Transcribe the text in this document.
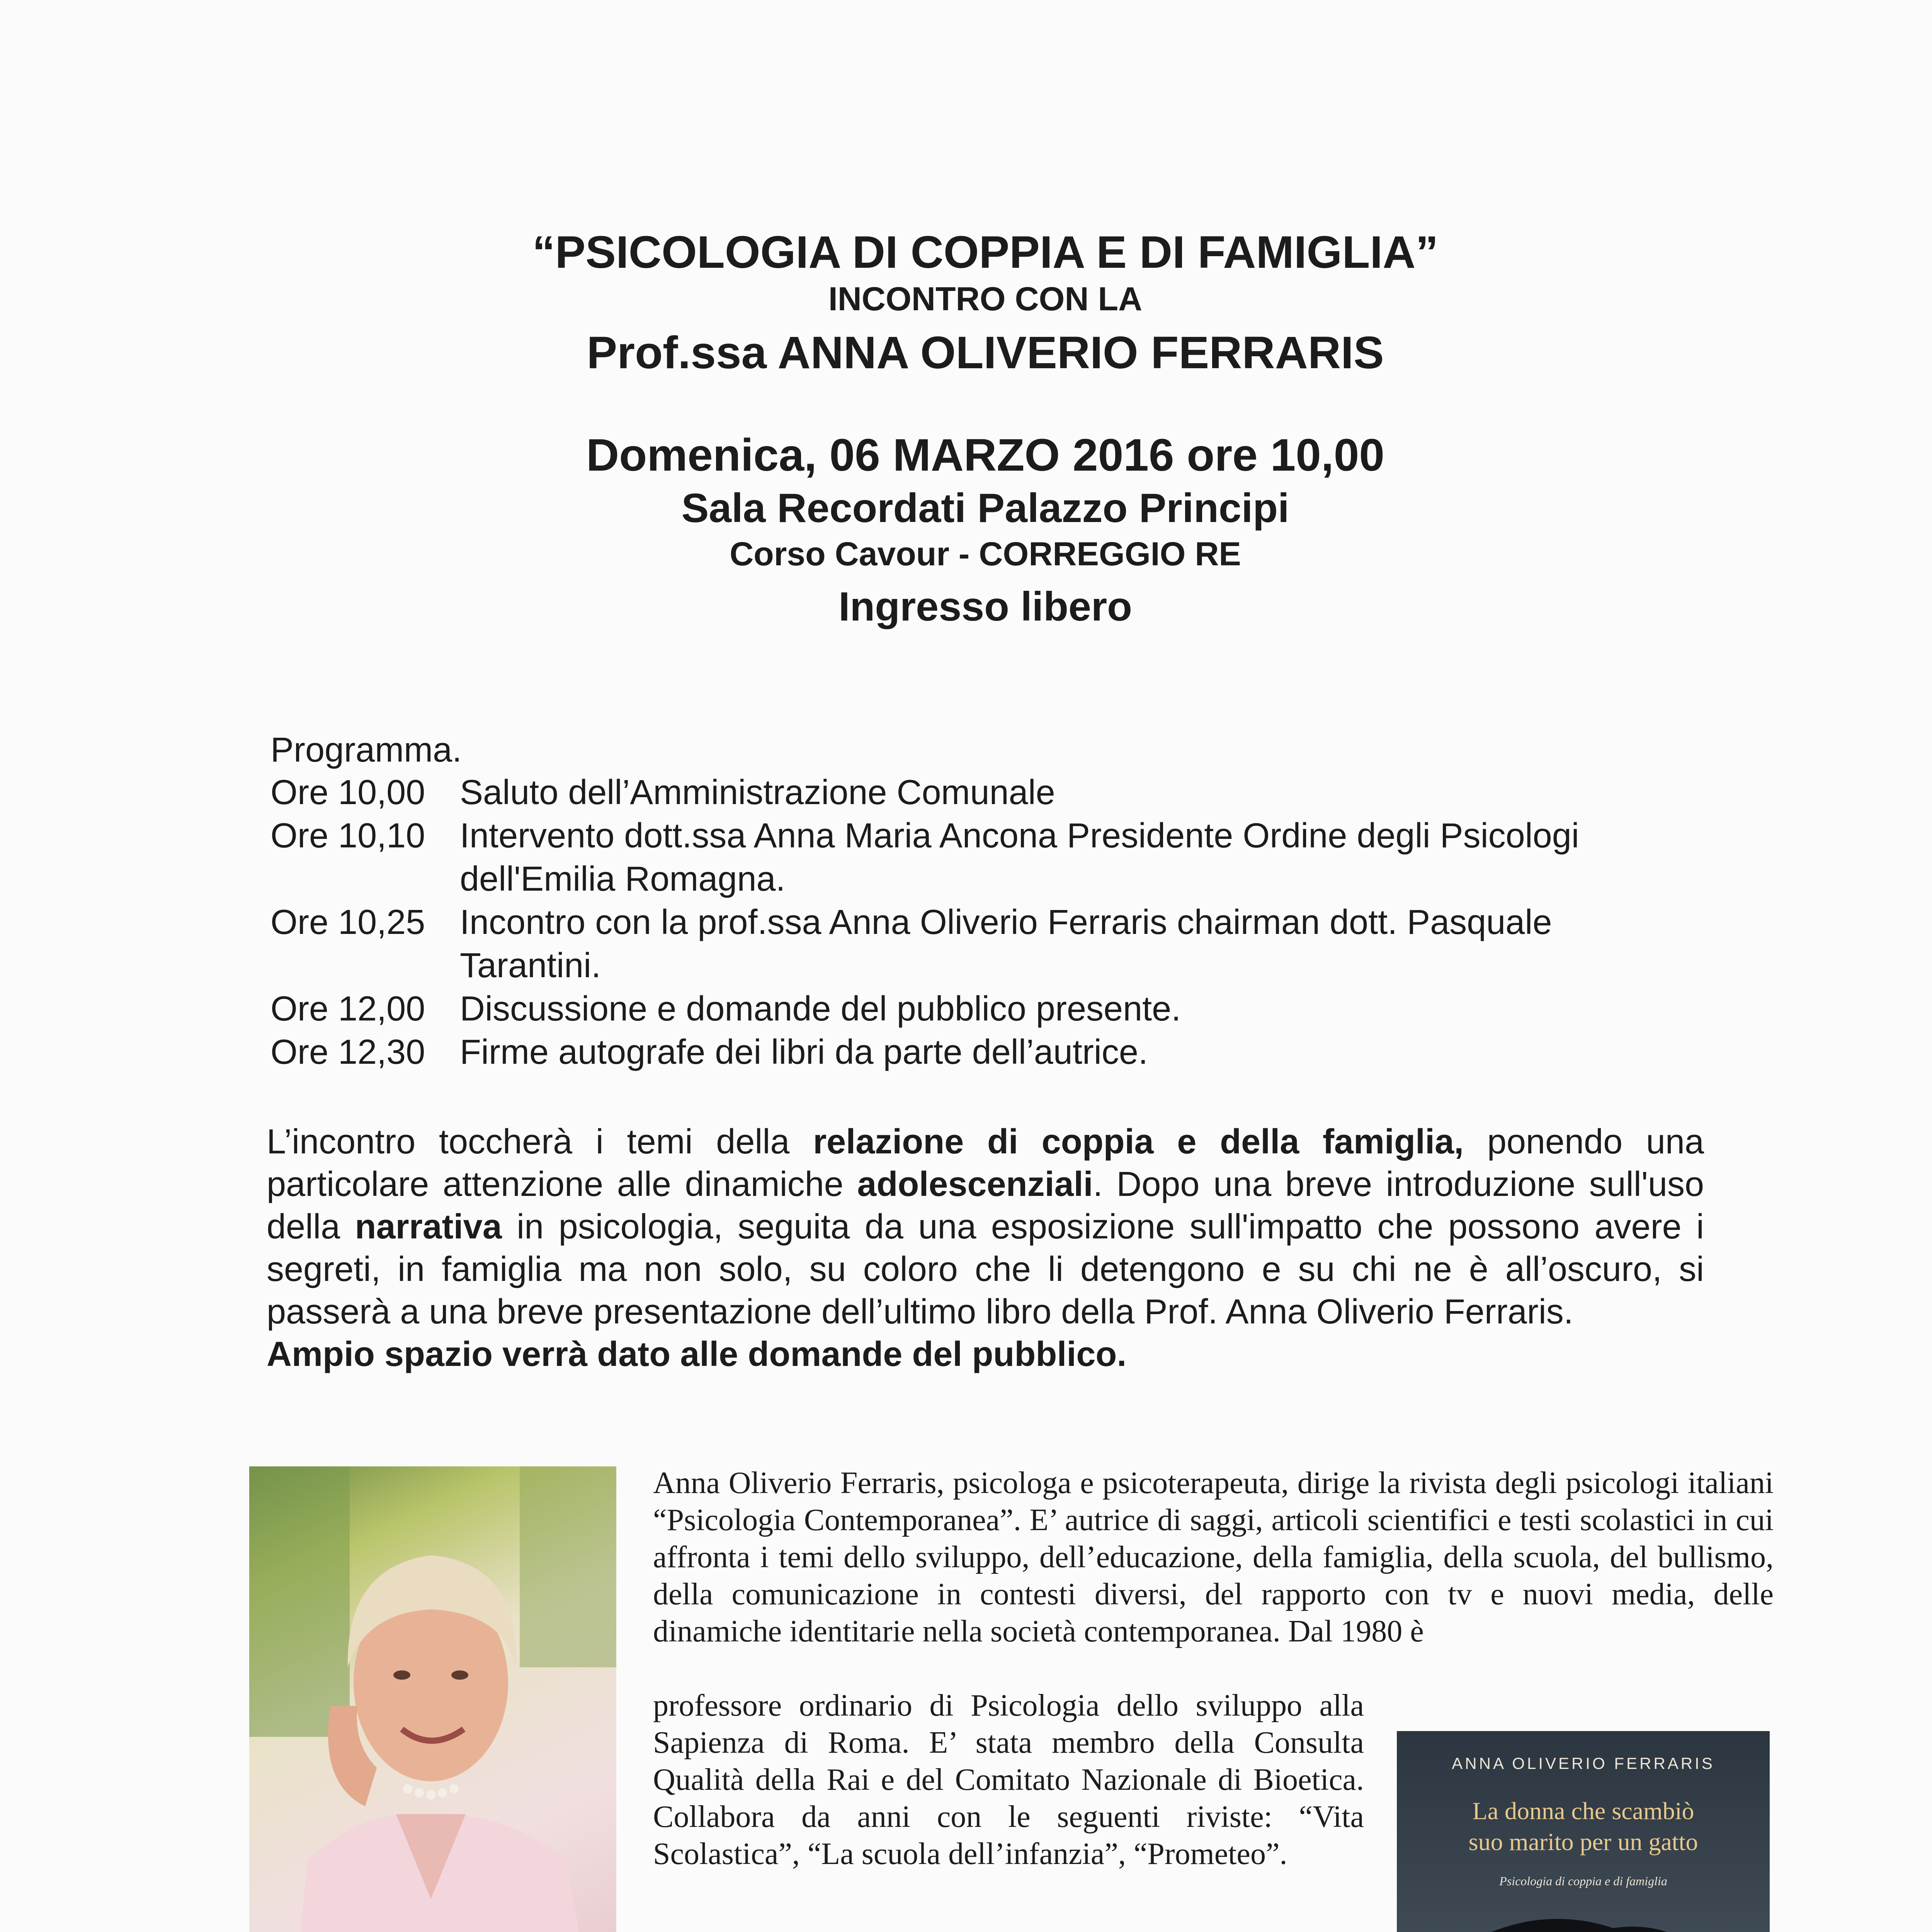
“PSICOLOGIA DI COPPIA E DI FAMIGLIA”
INCONTRO CON LA
Prof.ssa ANNA OLIVERIO FERRARIS
Domenica, 06 MARZO 2016 ore 10,00
Sala Recordati Palazzo Principi
Corso Cavour - CORREGGIO RE
Ingresso libero
Programma.
Ore 10,00 Saluto dell’Amministrazione Comunale
Ore 10,10 Intervento dott.ssa Anna Maria Ancona Presidente Ordine degli Psicologi
dell'Emilia Romagna.
Ore 10,25 Incontro con la prof.ssa Anna Oliverio Ferraris chairman dott. Pasquale
Tarantini.
Ore 12,00 Discussione e domande del pubblico presente.
Ore 12,30 Firme autografe dei libri da parte dell’autrice.
L’incontro toccherà i temi della relazione di coppia e della famiglia, ponendo una particolare attenzione alle dinamiche adolescenziali. Dopo una breve introduzione sull'uso della narrativa in psicologia, seguita da una esposizione sull'impatto che possono avere i segreti, in famiglia ma non solo, su coloro che li detengono e su chi ne è all’oscuro, si passerà a una breve presentazione dell’ultimo libro della Prof. Anna Oliverio Ferraris.
Ampio spazio verrà dato alle domande del pubblico.
Anna Oliverio Ferraris, psicologa e psicoterapeuta, dirige la rivista degli psicologi italiani “Psicologia Contemporanea”. E’ autrice di saggi, articoli scientifici e testi scolastici in cui affronta i temi dello sviluppo, dell’educazione, della famiglia, della scuola, del bullismo, della comunicazione in contesti diversi, del rapporto con tv e nuovi media, delle dinamiche identitarie nella società contemporanea. Dal 1980 è
professore ordinario di Psicologia dello sviluppo alla Sapienza di Roma. E’ stata membro della Consulta Qualità della Rai e del Comitato Nazionale di Bioetica. Collabora da anni con le seguenti riviste: “Vita Scolastica”, “La scuola dell’infanzia”, “Prometeo”.
ANNA OLIVERIO FERRARIS
La donna che scambiò
suo marito per un gatto
Psicologia di coppia e di famiglia
